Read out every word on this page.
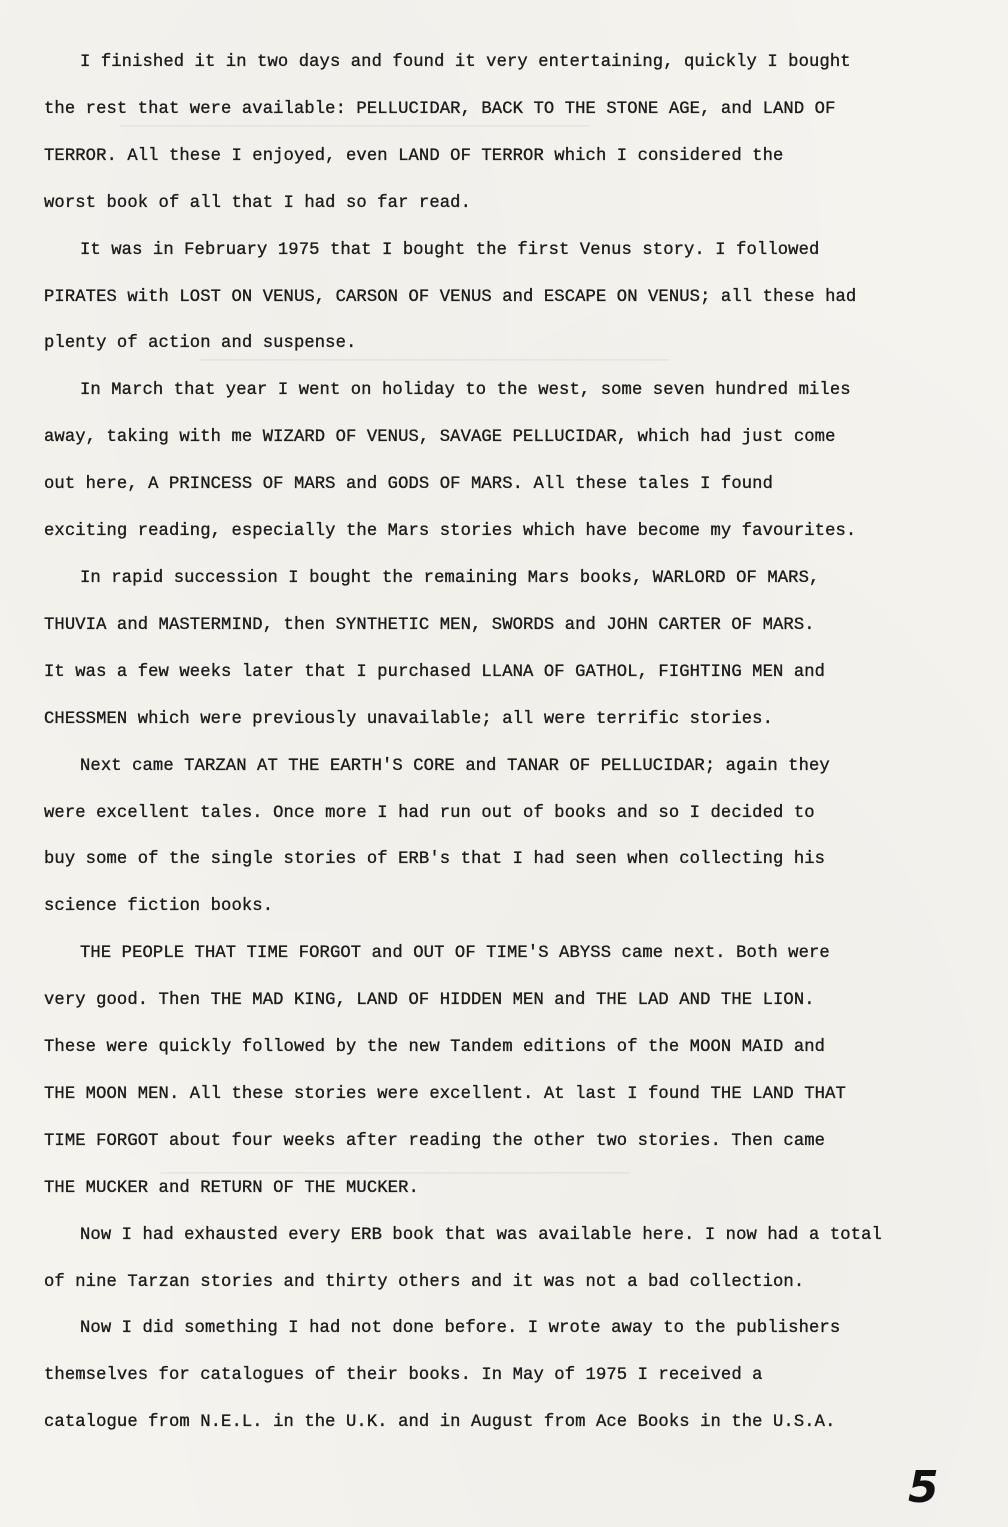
──────────────────────────────────────────────
──────────────────────────────────────────────
──────────────────────────────────────────────
I finished it in two days and found it very entertaining, quickly I bought
the rest that were available: PELLUCIDAR, BACK TO THE STONE AGE, and LAND OF
TERROR. All these I enjoyed, even LAND OF TERROR which I considered the
worst book of all that I had so far read.
It was in February 1975 that I bought the first Venus story. I followed
PIRATES with LOST ON VENUS, CARSON OF VENUS and ESCAPE ON VENUS; all these had
plenty of action and suspense.
In March that year I went on holiday to the west, some seven hundred miles
away, taking with me WIZARD OF VENUS, SAVAGE PELLUCIDAR, which had just come
out here, A PRINCESS OF MARS and GODS OF MARS. All these tales I found
exciting reading, especially the Mars stories which have become my favourites.
In rapid succession I bought the remaining Mars books, WARLORD OF MARS,
THUVIA and MASTERMIND, then SYNTHETIC MEN, SWORDS and JOHN CARTER OF MARS.
It was a few weeks later that I purchased LLANA OF GATHOL, FIGHTING MEN and
CHESSMEN which were previously unavailable; all were terrific stories.
Next came TARZAN AT THE EARTH'S CORE and TANAR OF PELLUCIDAR; again they
were excellent tales. Once more I had run out of books and so I decided to
buy some of the single stories of ERB's that I had seen when collecting his
science fiction books.
THE PEOPLE THAT TIME FORGOT and OUT OF TIME'S ABYSS came next. Both were
very good. Then THE MAD KING, LAND OF HIDDEN MEN and THE LAD AND THE LION.
These were quickly followed by the new Tandem editions of the MOON MAID and
THE MOON MEN. All these stories were excellent. At last I found THE LAND THAT
TIME FORGOT about four weeks after reading the other two stories. Then came
THE MUCKER and RETURN OF THE MUCKER.
Now I had exhausted every ERB book that was available here. I now had a total
of nine Tarzan stories and thirty others and it was not a bad collection.
Now I did something I had not done before. I wrote away to the publishers
themselves for catalogues of their books. In May of 1975 I received a
catalogue from N.E.L. in the U.K. and in August from Ace Books in the U.S.A.
5
